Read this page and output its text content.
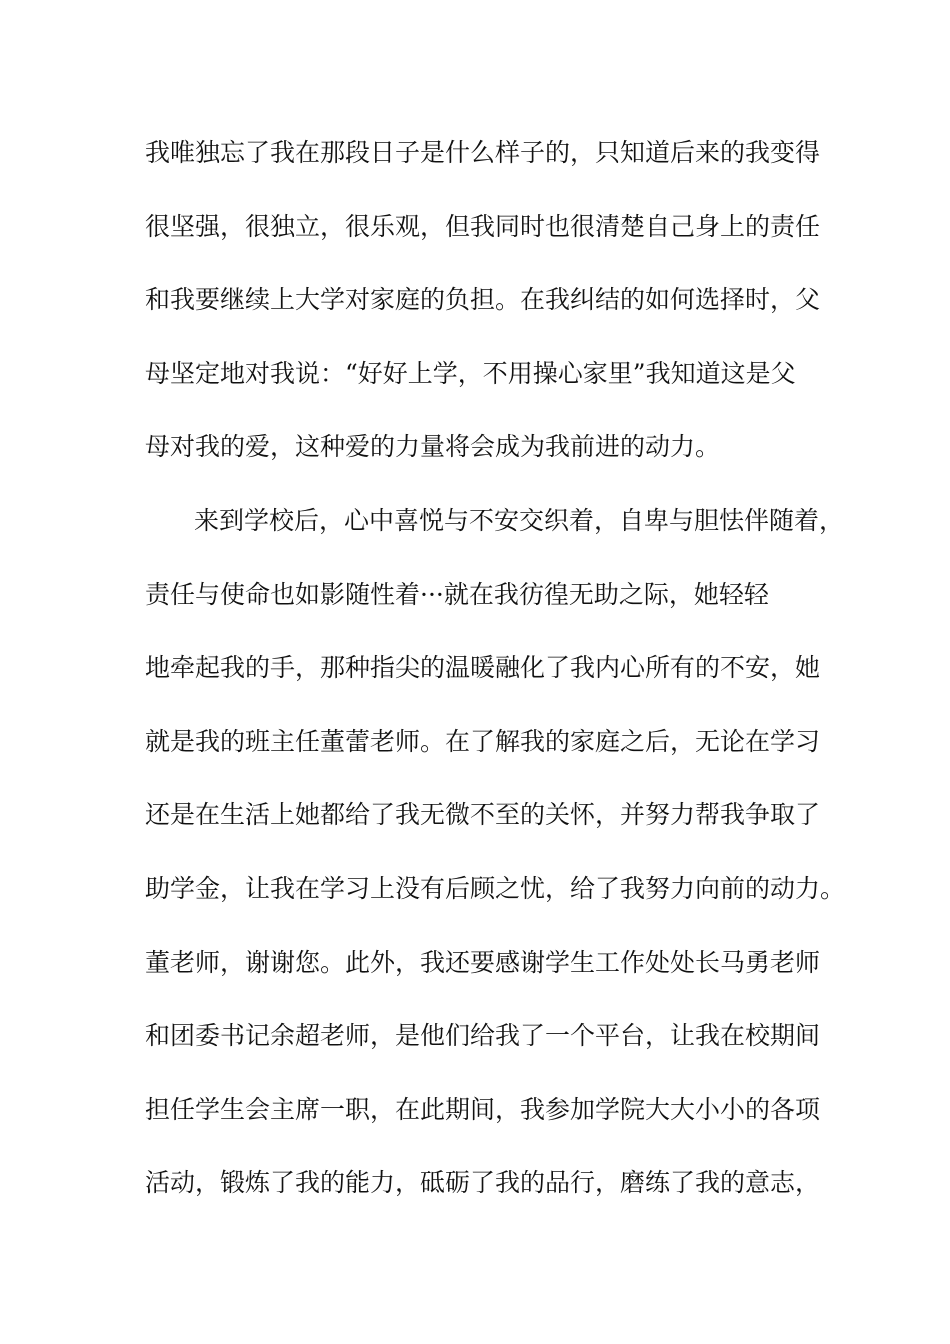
我唯独忘了我在那段日子是什么样子的，只知道后来的我变得
很坚强，很独立，很乐观，但我同时也很清楚自己身上的责任
和我要继续上大学对家庭的负担。在我纠结的如何选择时，父
母坚定地对我说：“好好上学，不用操心家里”我知道这是父
母对我的爱，这种爱的力量将会成为我前进的动力。
来到学校后，心中喜悦与不安交织着，自卑与胆怯伴随着，
责任与使命也如影随性着···就在我彷徨无助之际，她轻轻
地牵起我的手，那种指尖的温暖融化了我内心所有的不安，她
就是我的班主任董蕾老师。在了解我的家庭之后，无论在学习
还是在生活上她都给了我无微不至的关怀，并努力帮我争取了
助学金，让我在学习上没有后顾之忧，给了我努力向前的动力。
董老师，谢谢您。此外，我还要感谢学生工作处处长马勇老师
和团委书记余超老师，是他们给我了一个平台，让我在校期间
担任学生会主席一职，在此期间，我参加学院大大小小的各项
活动，锻炼了我的能力，砥砺了我的品行，磨练了我的意志，
